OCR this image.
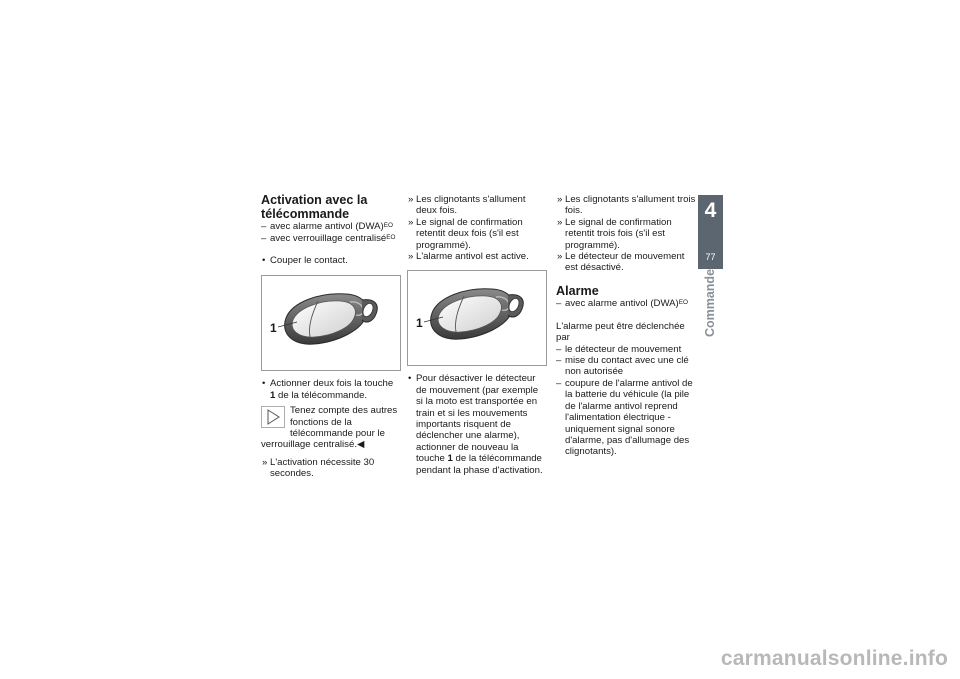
Activation avec la
télécommande
– avec alarme antivol (DWA)$^{EO}$
– avec verrouillage centralisé$^{EO}$
• Couper le contact.
1
• Actionner deux fois la touche 1 de la télécommande.
Tenez compte des autres fonctions de la télécommande pour le verrouillage centralisé.◀
» L'activation nécessite 30 secondes.
» Les clignotants s'allument deux fois.
» Le signal de confirmation retentit deux fois (s'il est programmé).
» L'alarme antivol est active.
1
• Pour désactiver le détecteur de mouvement (par exemple si la moto est transportée en train et si les mouvements importants risquent de déclencher une alarme), actionner de nouveau la touche 1 de la télécommande pendant la phase d'activation.
» Les clignotants s'allument trois fois.
» Le signal de confirmation retentit trois fois (s'il est programmé).
» Le détecteur de mouvement est désactivé.
Alarme
– avec alarme antivol (DWA)$^{EO}$

L'alarme peut être déclenchée par

– le détecteur de mouvement
– mise du contact avec une clé non autorisée
– coupure de l'alarme antivol de la batterie du véhicule (la pile de l'alarme antivol reprend l'alimentation électrique - uniquement signal sonore d'alarme, pas d'allumage des clignotants).
4
77
Commande
carmanualsonline.info
